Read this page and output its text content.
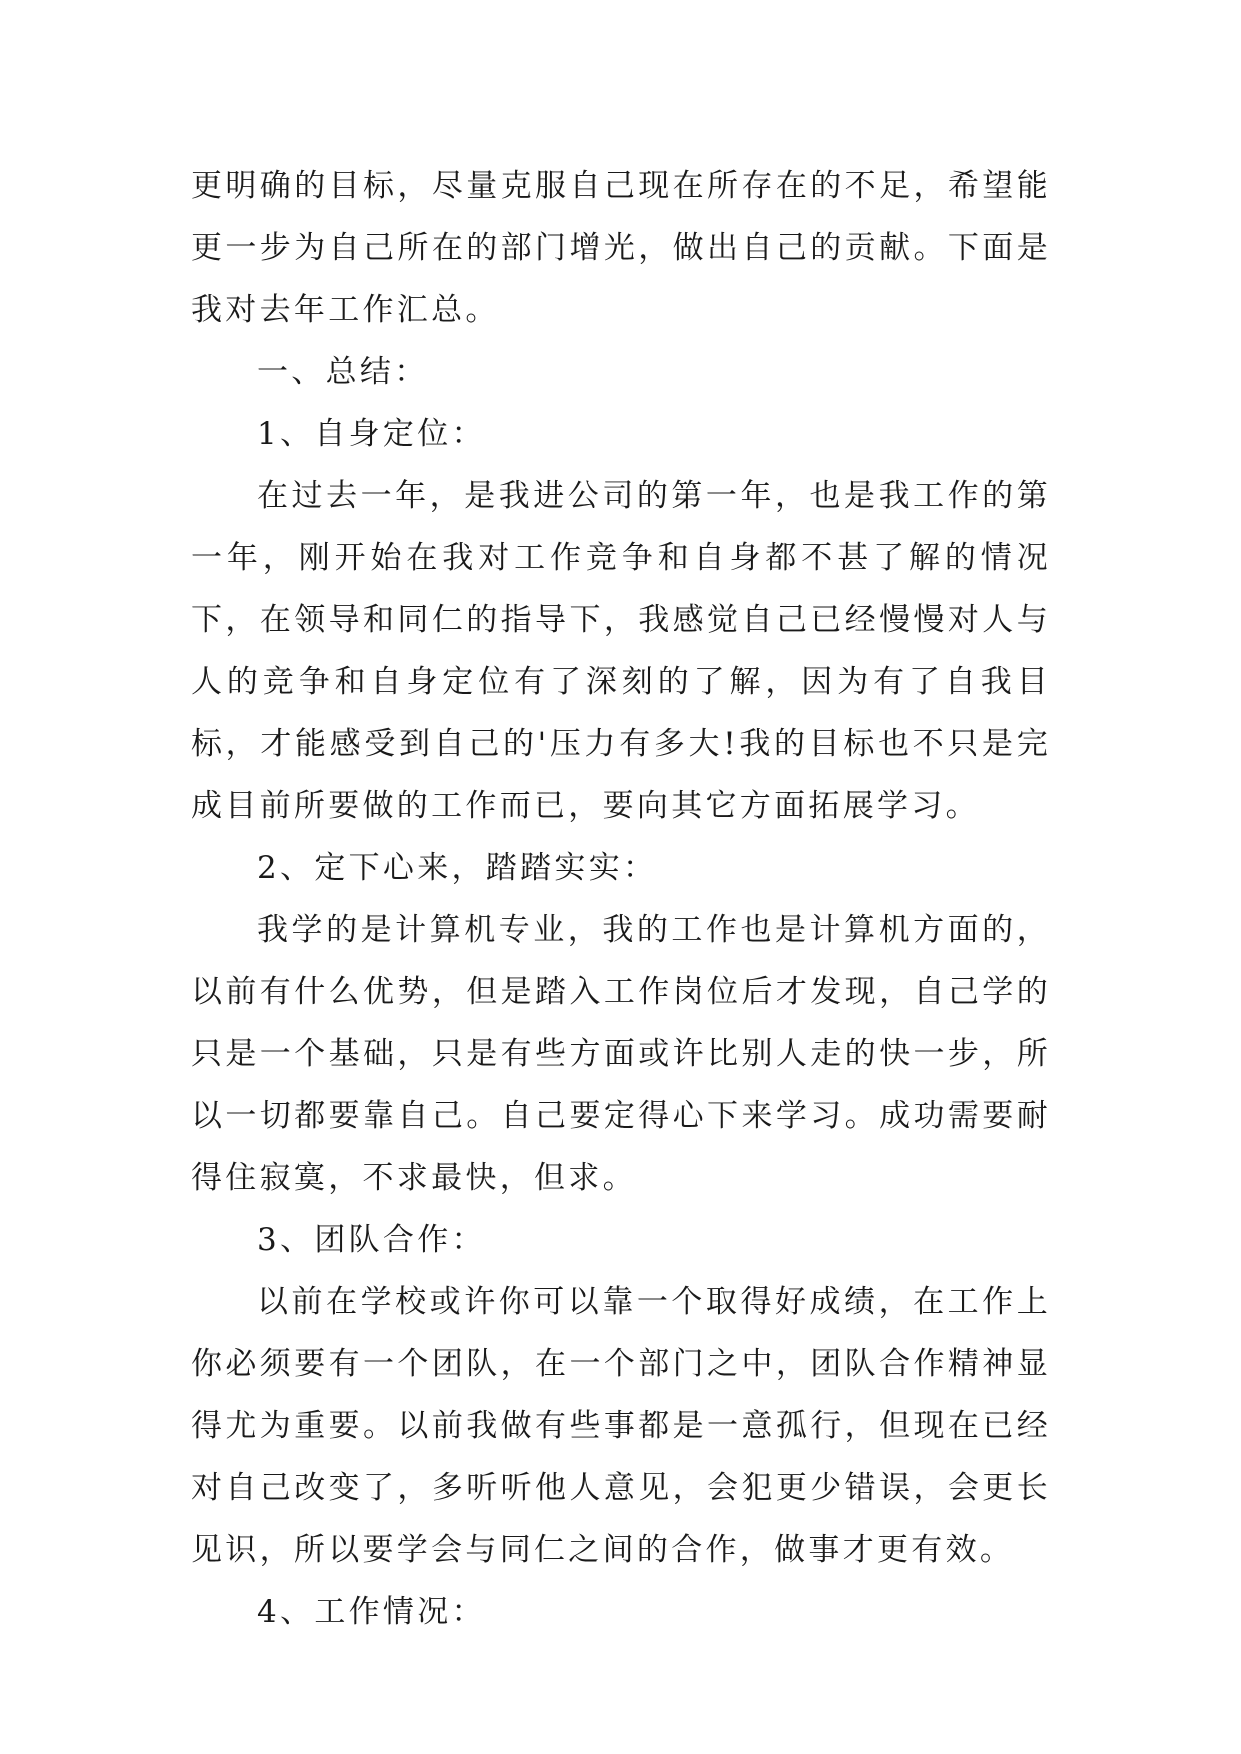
更明确的目标，尽量克服自己现在所存在的不足，希望能更一步为自己所在的部门增光，做出自己的贡献。下面是我对去年工作汇总。

一、总结：

1、自身定位：

在过去一年，是我进公司的第一年，也是我工作的第一年，刚开始在我对工作竞争和自身都不甚了解的情况下，在领导和同仁的指导下，我感觉自己已经慢慢对人与人的竞争和自身定位有了深刻的了解，因为有了自我目标，才能感受到自己的'压力有多大!我的目标也不只是完成目前所要做的工作而已，要向其它方面拓展学习。

2、定下心来，踏踏实实：

我学的是计算机专业，我的工作也是计算机方面的，以前有什么优势，但是踏入工作岗位后才发现，自己学的只是一个基础，只是有些方面或许比别人走的快一步，所以一切都要靠自己。自己要定得心下来学习。成功需要耐得住寂寞，不求最快，但求。

3、团队合作：

以前在学校或许你可以靠一个取得好成绩，在工作上你必须要有一个团队，在一个部门之中，团队合作精神显得尤为重要。以前我做有些事都是一意孤行，但现在已经对自己改变了，多听听他人意见，会犯更少错误，会更长见识，所以要学会与同仁之间的合作，做事才更有效。

4、工作情况：
